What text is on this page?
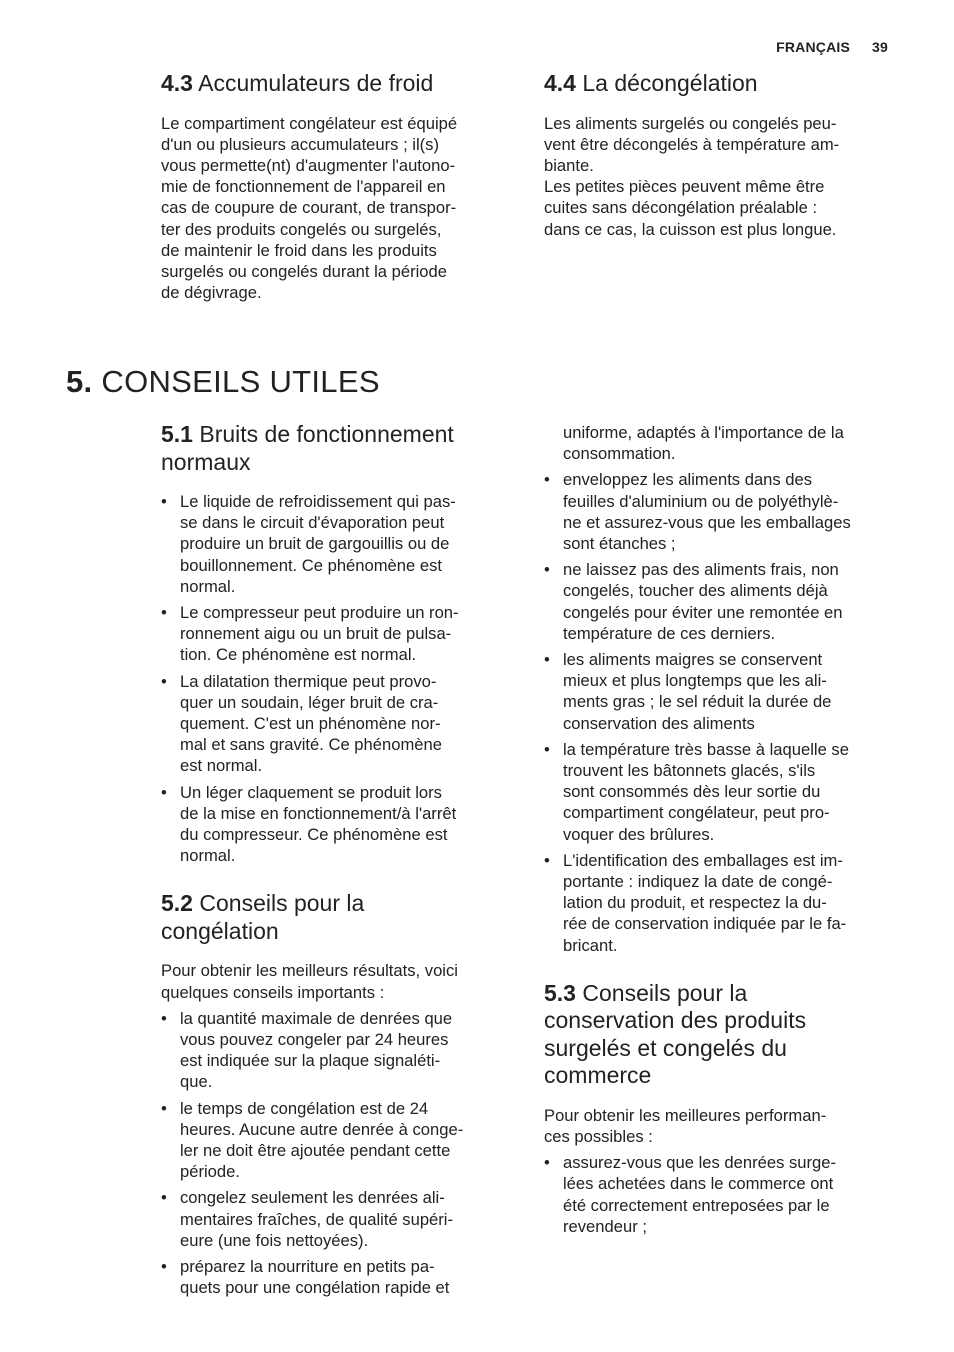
FRANÇAIS 39
4.3 Accumulateurs de froid

Le compartiment congélateur est équipé
d'un ou plusieurs accumulateurs ; il(s)
vous permette(nt) d'augmenter l'autono-
mie de fonctionnement de l'appareil en
cas de coupure de courant, de transpor-
ter des produits congelés ou surgelés,
de maintenir le froid dans les produits
surgelés ou congelés durant la période
de dégivrage.

4.4 La décongélation

Les aliments surgelés ou congelés peu-
vent être décongelés à température am-
biante.
Les petites pièces peuvent même être
cuites sans décongélation préalable :
dans ce cas, la cuisson est plus longue.

5. CONSEILS UTILES
5.1 Bruits de fonctionnement
normaux
• Le liquide de refroidissement qui pas-
se dans le circuit d'évaporation peut
produire un bruit de gargouillis ou de
bouillonnement. Ce phénomène est
normal.
• Le compresseur peut produire un ron-
ronnement aigu ou un bruit de pulsa-
tion. Ce phénomène est normal.
• La dilatation thermique peut provo-
quer un soudain, léger bruit de cra-
quement. C'est un phénomène nor-
mal et sans gravité. Ce phénomène
est normal.
• Un léger claquement se produit lors
de la mise en fonctionnement/à l'arrêt
du compresseur. Ce phénomène est
normal.
5.2 Conseils pour la
congélation

Pour obtenir les meilleurs résultats, voici
quelques conseils importants :

• la quantité maximale de denrées que
vous pouvez congeler par 24 heures
est indiquée sur la plaque signaléti-
que.
• le temps de congélation est de 24
heures. Aucune autre denrée à conge-
ler ne doit être ajoutée pendant cette
période.
• congelez seulement les denrées ali-
mentaires fraîches, de qualité supéri-
eure (une fois nettoyées).
• préparez la nourriture en petits pa-
quets pour une congélation rapide et

uniforme, adaptés à l'importance de la
consommation.

• enveloppez les aliments dans des
feuilles d'aluminium ou de polyéthylè-
ne et assurez-vous que les emballages
sont étanches ;
• ne laissez pas des aliments frais, non
congelés, toucher des aliments déjà
congelés pour éviter une remontée en
température de ces derniers.
• les aliments maigres se conservent
mieux et plus longtemps que les ali-
ments gras ; le sel réduit la durée de
conservation des aliments
• la température très basse à laquelle se
trouvent les bâtonnets glacés, s'ils
sont consommés dès leur sortie du
compartiment congélateur, peut pro-
voquer des brûlures.
• L'identification des emballages est im-
portante : indiquez la date de congé-
lation du produit, et respectez la du-
rée de conservation indiquée par le fa-
bricant.
5.3 Conseils pour la
conservation des produits
surgelés et congelés du
commerce

Pour obtenir les meilleures performan-
ces possibles :

• assurez-vous que les denrées surge-
lées achetées dans le commerce ont
été correctement entreposées par le
revendeur ;
